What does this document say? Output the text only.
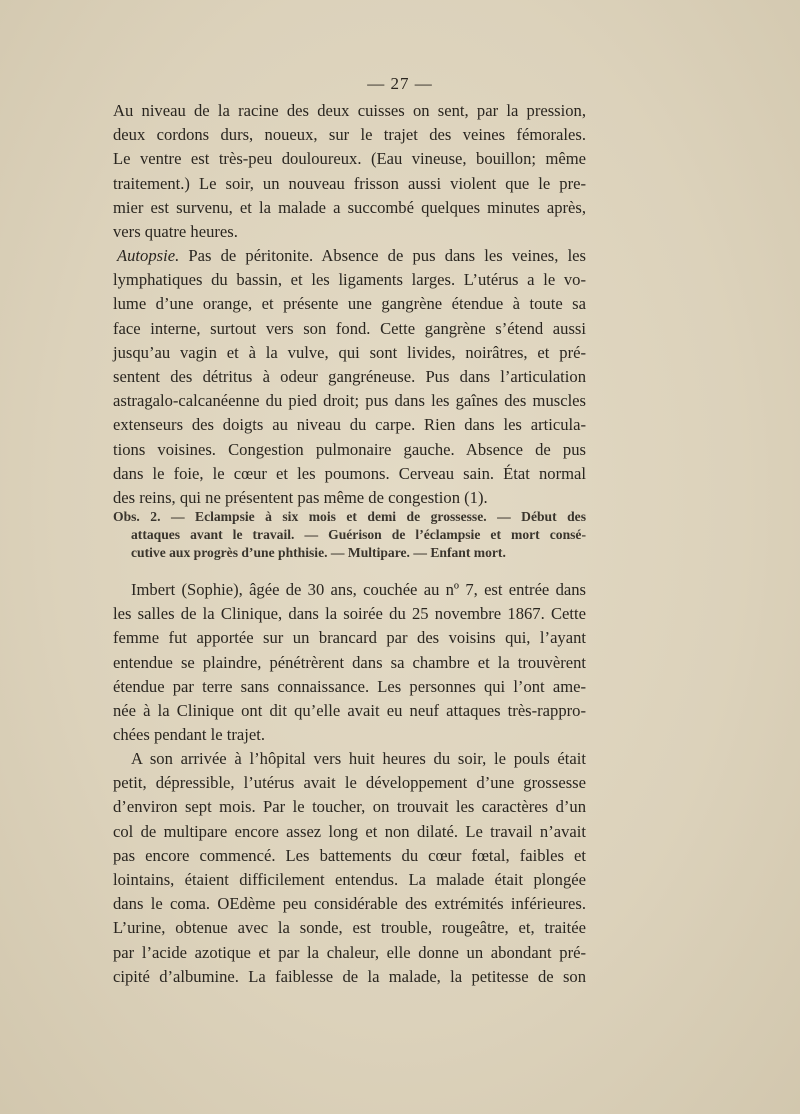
— 27 —
Au niveau de la racine des deux cuisses on sent, par la pression,
deux cordons durs, noueux, sur le trajet des veines fémorales.
Le ventre est très-peu douloureux. (Eau vineuse, bouillon; même
traitement.) Le soir, un nouveau frisson aussi violent que le pre-
mier est survenu, et la malade a succombé quelques minutes après,
vers quatre heures.
Autopsie. Pas de péritonite. Absence de pus dans les veines, les
lymphatiques du bassin, et les ligaments larges. L’utérus a le vo-
lume d’une orange, et présente une gangrène étendue à toute sa
face interne, surtout vers son fond. Cette gangrène s’étend aussi
jusqu’au vagin et à la vulve, qui sont livides, noirâtres, et pré-
sentent des détritus à odeur gangréneuse. Pus dans l’articulation
astragalo-calcanéenne du pied droit; pus dans les gaînes des muscles
extenseurs des doigts au niveau du carpe. Rien dans les articula-
tions voisines. Congestion pulmonaire gauche. Absence de pus
dans le foie, le cœur et les poumons. Cerveau sain. État normal
des reins, qui ne présentent pas même de congestion (1).
Obs. 2. — Eclampsie à six mois et demi de grossesse. — Début des
attaques avant le travail. — Guérison de l’éclampsie et mort consé-
cutive aux progrès d’une phthisie. — Multipare. — Enfant mort.
Imbert (Sophie), âgée de 30 ans, couchée au nº 7, est entrée dans
les salles de la Clinique, dans la soirée du 25 novembre 1867. Cette
femme fut apportée sur un brancard par des voisins qui, l’ayant
entendue se plaindre, pénétrèrent dans sa chambre et la trouvèrent
étendue par terre sans connaissance. Les personnes qui l’ont ame-
née à la Clinique ont dit qu’elle avait eu neuf attaques très-rappro-
chées pendant le trajet.
A son arrivée à l’hôpital vers huit heures du soir, le pouls était
petit, dépressible, l’utérus avait le développement d’une grossesse
d’environ sept mois. Par le toucher, on trouvait les caractères d’un
col de multipare encore assez long et non dilaté. Le travail n’avait
pas encore commencé. Les battements du cœur fœtal, faibles et
lointains, étaient difficilement entendus. La malade était plongée
dans le coma. OEdème peu considérable des extrémités inférieures.
L’urine, obtenue avec la sonde, est trouble, rougeâtre, et, traitée
par l’acide azotique et par la chaleur, elle donne un abondant pré-
cipité d’albumine. La faiblesse de la malade, la petitesse de son
